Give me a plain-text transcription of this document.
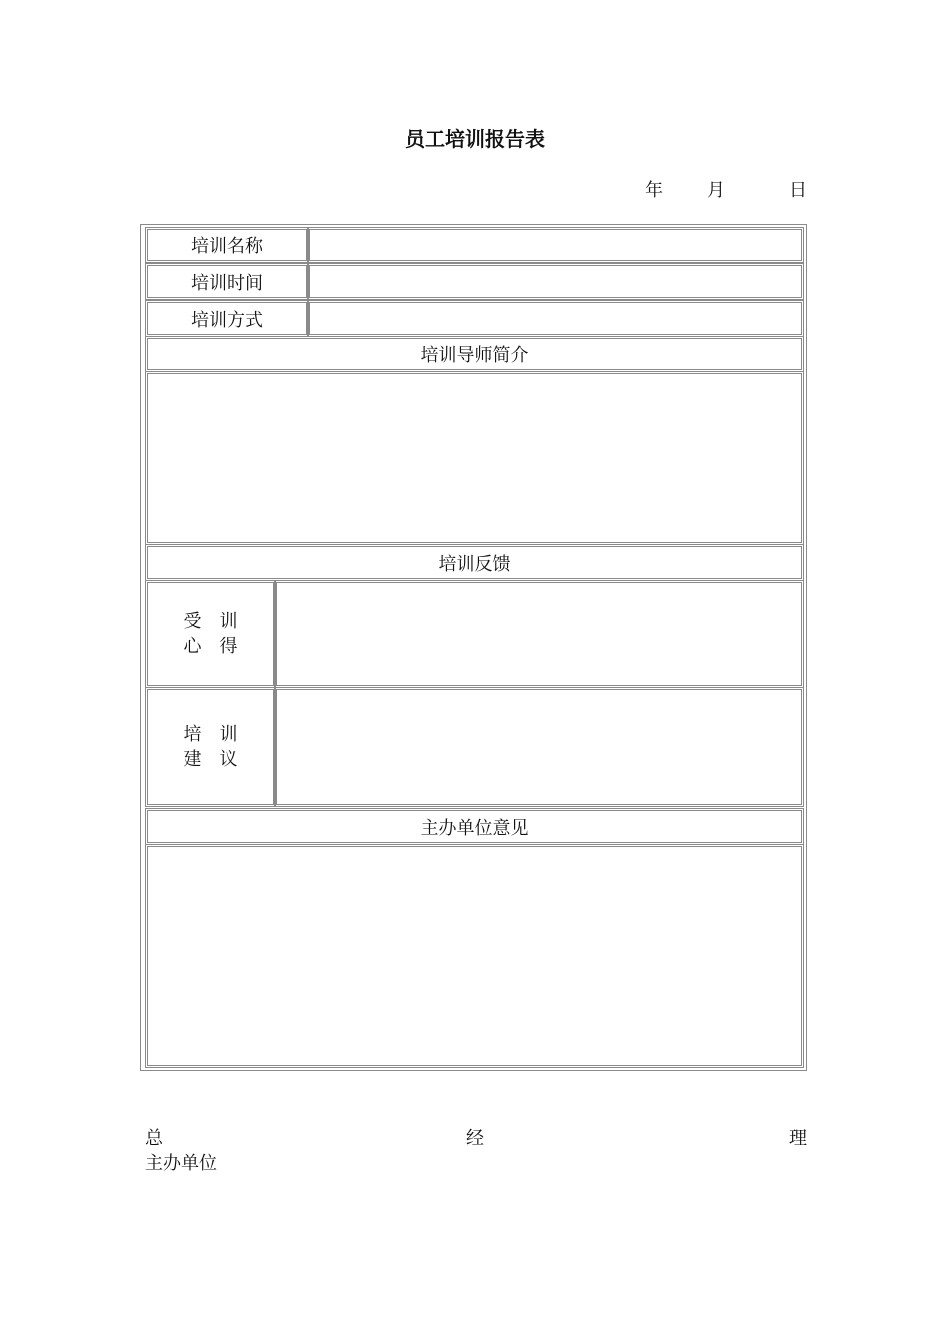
员工培训报告表
年 月	日
培训名称
培训时间
培训方式
培训导师简介
培训反馈
受　训
心　得
培　训
建　议
主办单位意见
总	经	理
主办单位
